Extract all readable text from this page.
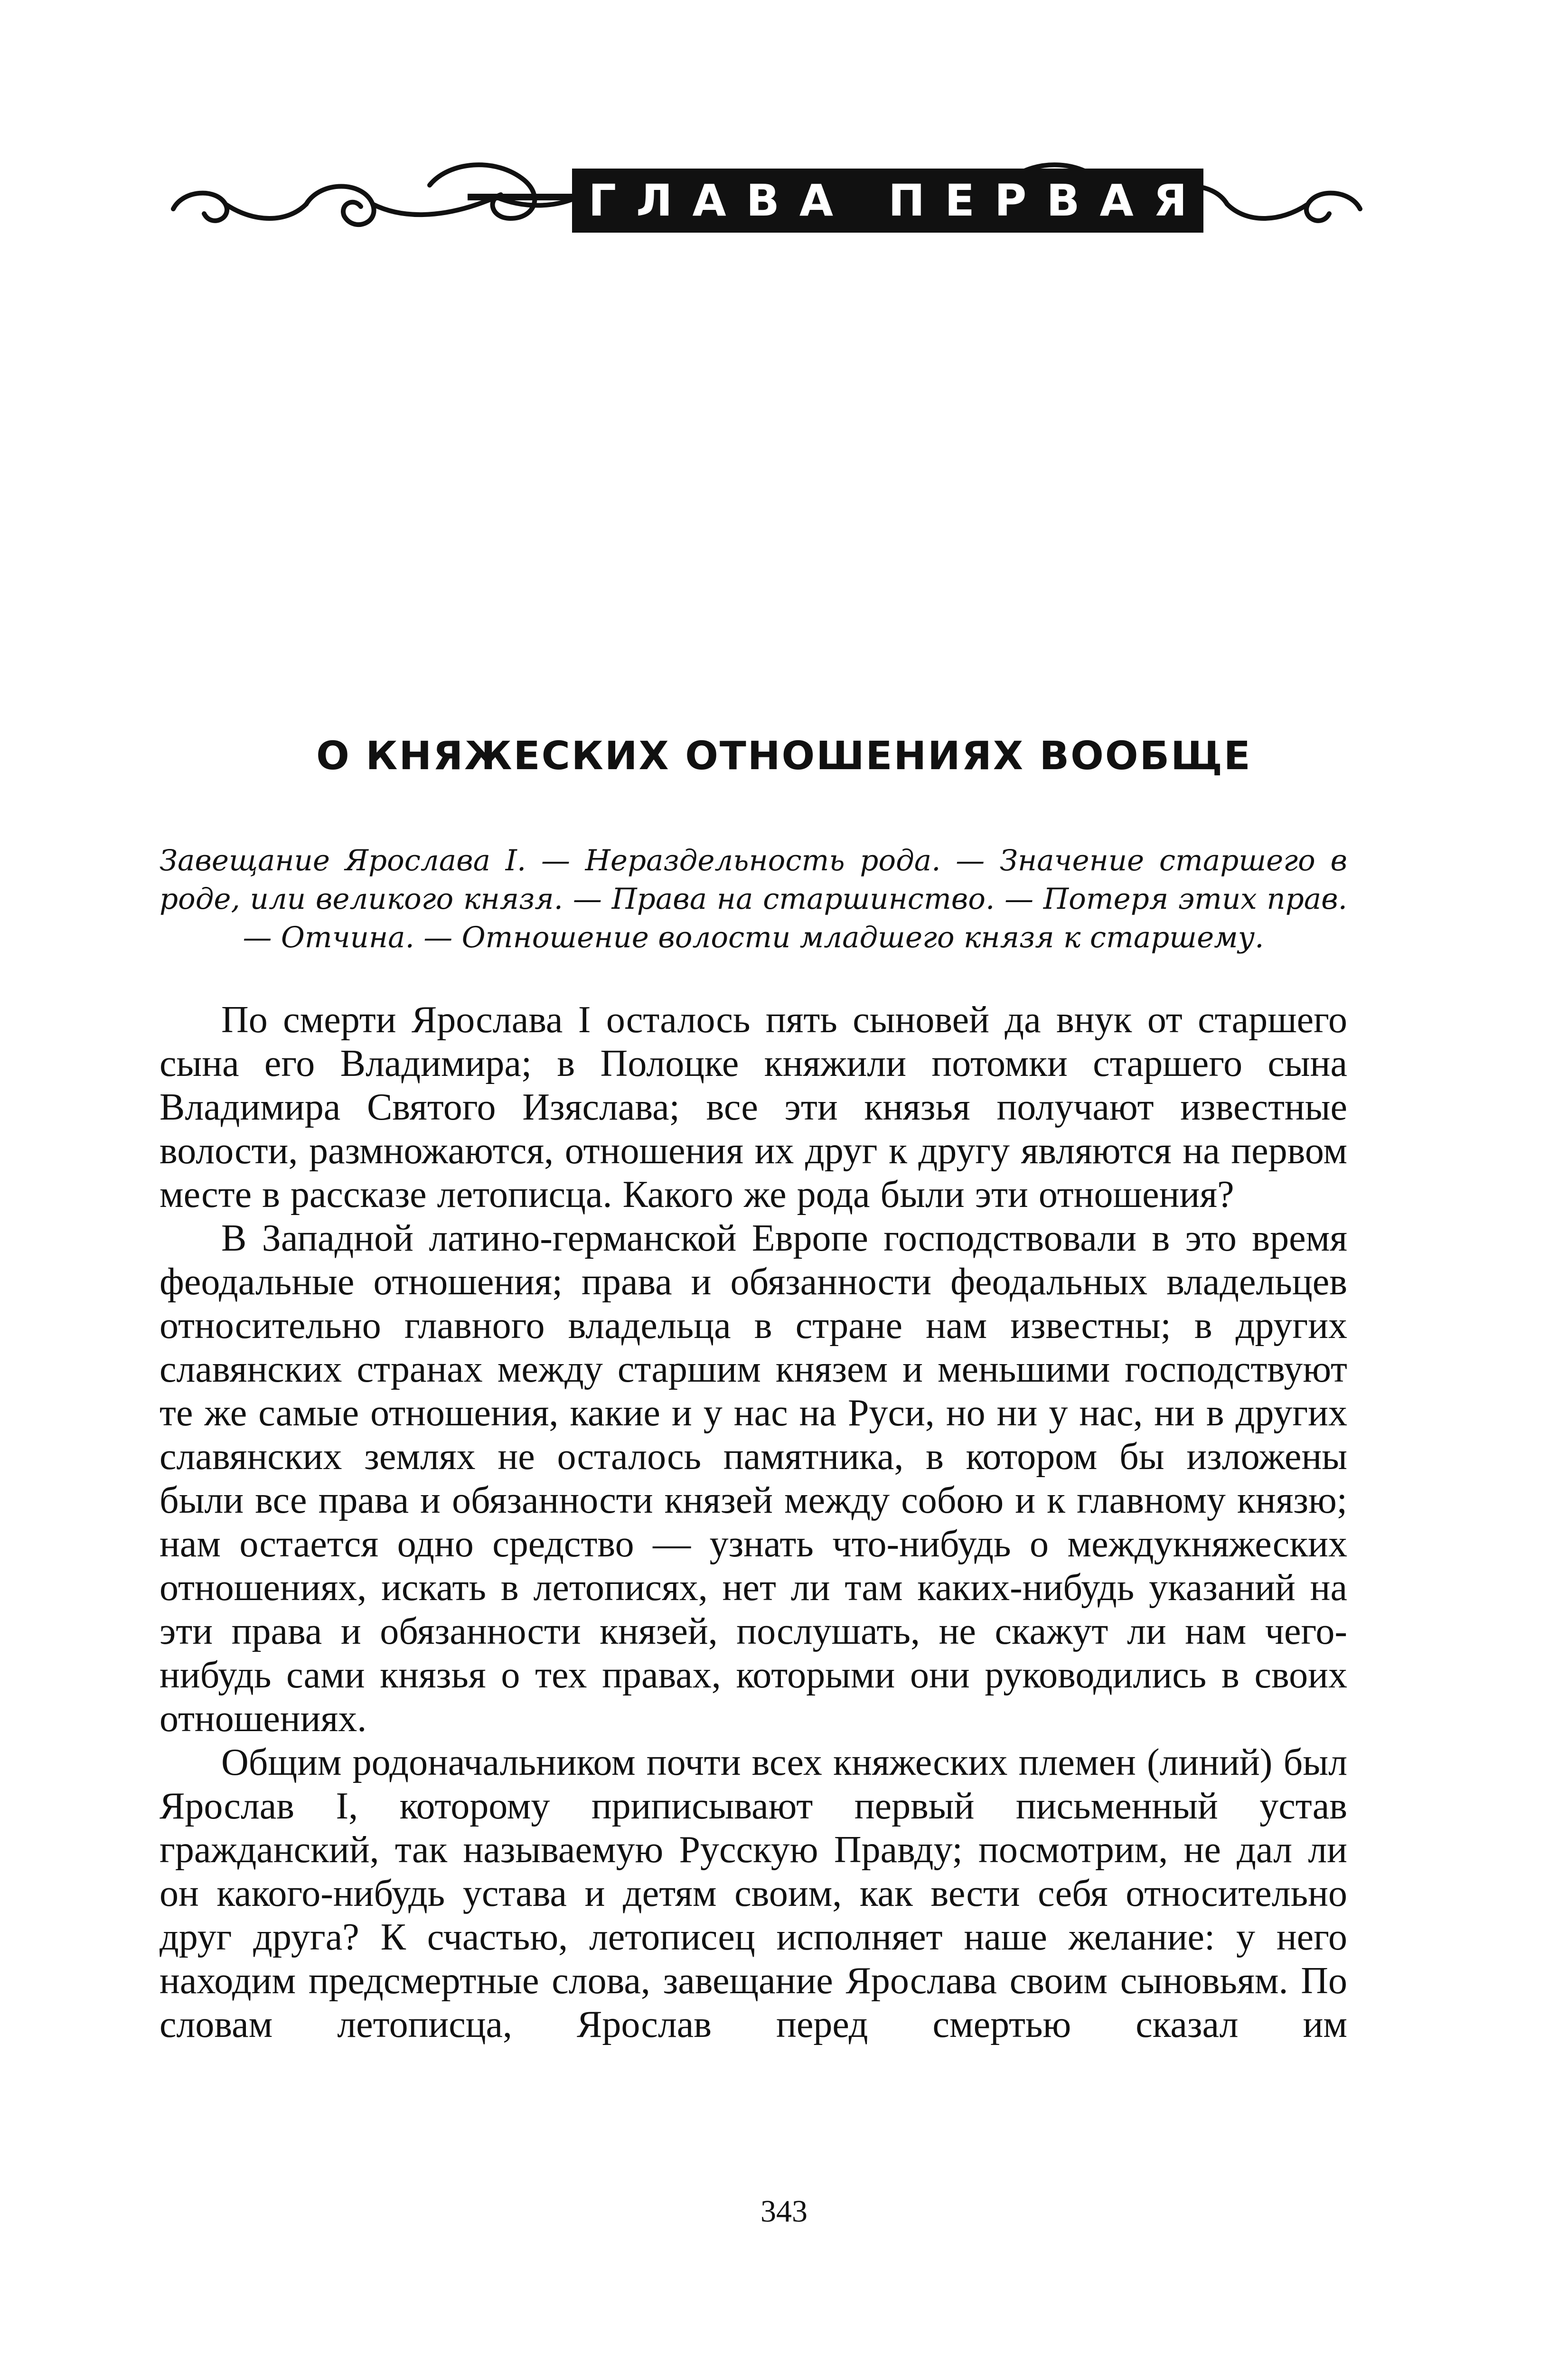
ГЛАВА ПЕРВАЯ
О КНЯЖЕСКИХ ОТНОШЕНИЯХ ВООБЩЕ
Завещание Ярослава I. — Нераздельность рода. — Значение старшего в роде, или великого князя. — Права на старшинство. — Потеря этих прав. — Отчина. — Отношение волости младшего князя к старшему.

По смерти Ярослава I осталось пять сыновей да внук от старшего сына его Владимира; в Полоцке княжили потомки старшего сына Владимира Святого Изяслава; все эти князья получают известные волости, размножаются, отношения их друг к другу являются на первом месте в рассказе летописца. Какого же рода были эти отношения?

В Западной латино-германской Европе господствовали в это время феодальные отношения; права и обязанности феодальных владельцев относительно главного владельца в стране нам известны; в других славянских странах между старшим князем и меньшими господствуют те же самые отношения, какие и у нас на Руси, но ни у нас, ни в других славянских землях не осталось памятника, в котором бы изложены были все права и обязанности князей между собою и к главному князю; нам остается одно средство — узнать что-нибудь о междукняжеских отношениях, искать в летописях, нет ли там каких-нибудь указаний на эти права и обязанности князей, послушать, не скажут ли нам чего-нибудь сами князья о тех правах, которыми они руководились в своих отношениях.

Общим родоначальником почти всех княжеских племен (линий) был Ярослав I, которому приписывают первый письменный устав гражданский, так называемую Русскую Правду; посмотрим, не дал ли он какого-нибудь устава и детям своим, как вести себя относительно друг друга? К счастью, летописец исполняет наше желание: у него находим предсмертные слова, завещание Ярослава своим сыновьям. По словам летописца, Ярослав перед смертью сказал им

343
